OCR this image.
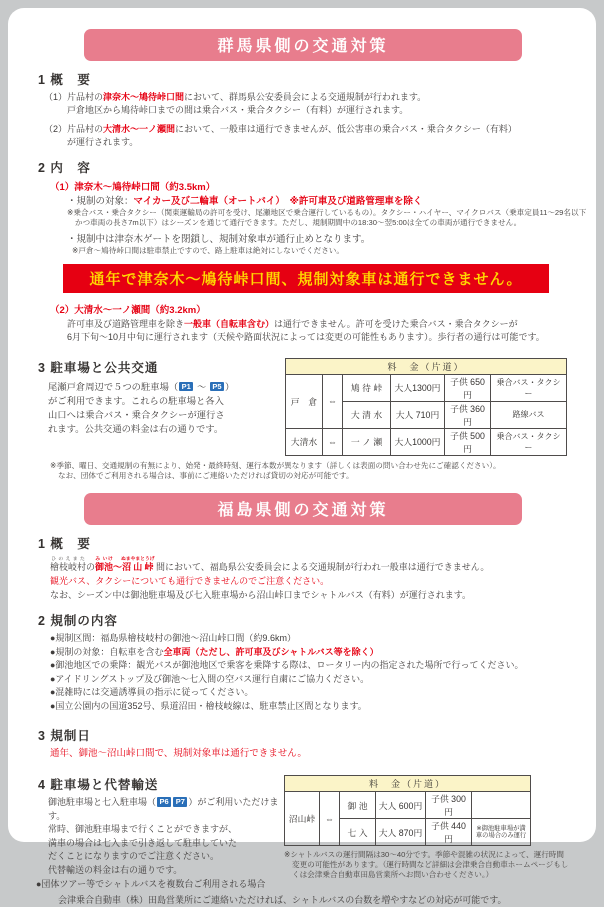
群馬県側の交通対策
1 概　要
（1） 片品村の津奈木〜鳩待峠口間において、群馬県公安委員会による交通規制が行われます。
戸倉地区から鳩待峠口までの間は乗合バス・乗合タクシー（有料）が運行されます。
（2） 片品村の大清水〜一ノ瀬間において、一般車は通行できませんが、低公害車の乗合バス・乗合タクシー（有料）
が運行されます。
2 内　容
（1）津奈木〜鳩待峠口間（約3.5km）
・規制の対象：マイカー及び二輪車（オートバイ）　※許可車及び道路管理車を除く
※乗合バス・乗合タクシー（関東運輸局の許可を受け、尾瀬地区で乗合運行しているもの）。タクシー・ハイヤー、マイクロバス（乗車定員11〜29名以下かつ車両の長さ7m以下）はシーズンを通じて通行できます。ただし、規制期間中の18:30〜翌5:00は全ての車両が通行できません。
・規制中は津奈木ゲートを閉鎖し、規制対象車が通行止めとなります。
※戸倉〜鳩待峠口間は駐車禁止ですので、路上駐車は絶対にしないでください。
通年で津奈木〜鳩待峠口間、規制対象車は通行できません。
（2）大清水〜一ノ瀬間（約3.2km）
許可車及び道路管理車を除き一般車（自転車含む）は通行できません。許可を受けた乗合バス・乗合タクシーが
6月下旬〜10月中旬に運行されます（天候や路面状況によっては変更の可能性もあります）。歩行者の通行は可能です。
3 駐車場と公共交通
尾瀬戸倉周辺で５つの駐車場（ P1 〜 P5 ）
がご利用できます。これらの駐車場と各入
山口へは乗合バス・乗合タクシーが運行さ
れます。公共交通の料金は右の通りです。
料　金（片道）					
戸　倉	⇔	鳩 待 峠	大人1300円	子供 650円	乗合バス・タクシー
		大 清 水	大人 710円	子供 360円	路線バス
大清水	⇔	一 ノ 瀬	大人1000円	子供 500円	乗合バス・タクシー
※季節、曜日、交通規制の有無により、始発・最終時刻、運行本数が異なります（詳しくは表面の問い合わせ先にご確認ください）。
なお、団体でご利用される場合は、事前にご連絡いただければ貸切の対応が可能です。
福島県側の交通対策
1 概　要
檜枝岐村ひのえまたの御池み いけ〜沼山峠ぬまやまとうげ 間において、福島県公安委員会による交通規制が行われ一般車は通行できません。
観光バス、タクシーについても通行できませんのでご注意ください。
なお、シーズン中は御池駐車場及び七入駐車場から沼山峠口までシャトルバス（有料）が運行されます。
2 規制の内容
●規制区間：福島県檜枝岐村の御池〜沼山峠口間（約9.6km）
●規制の対象：自転車を含む全車両（ただし、許可車及びシャトルバス等を除く）
●御池地区での乗降：観光バスが御池地区で乗客を乗降する際は、ロータリー内の指定された場所で行ってください。
●アイドリングストップ及び御池〜七入間の空バス運行自粛にご協力ください。
●混雑時には交通誘導員の指示に従ってください。
●国立公園内の国道352号、県道沼田・檜枝岐線は、駐車禁止区間となります。
3 規制日
通年、御池〜沼山峠口間で、規制対象車は通行できません。
4 駐車場と代替輸送
御池駐車場と七入駐車場（ P6 P7 ）がご利用いただけます。
常時、御池駐車場まで行くことができますが、
満車の場合は七入まで引き返して駐車していた
だくことになりますのでご注意ください。
代替輸送の料金は右の通りです。
●団体ツアー等でシャトルバスを複数台ご利用される場合
料　金（片道）					
沼山峠	⇔	御 池	大人 600円	子供 300円	
		七 入	大人 870円	子供 440円	※御池駐車場が満車の場合のみ運行
※シャトルバスの運行間隔は30〜40分です。季節や混雑の状況によって、運行時間変更の可能性があります。（運行時間など詳細は会津乗合自動車ホームページもしくは会津乗合自動車田島営業所へお問い合わせください。）
会津乗合自動車（株）田島営業所にご連絡いただければ、シャトルバスの台数を増やすなどの対応が可能です。
